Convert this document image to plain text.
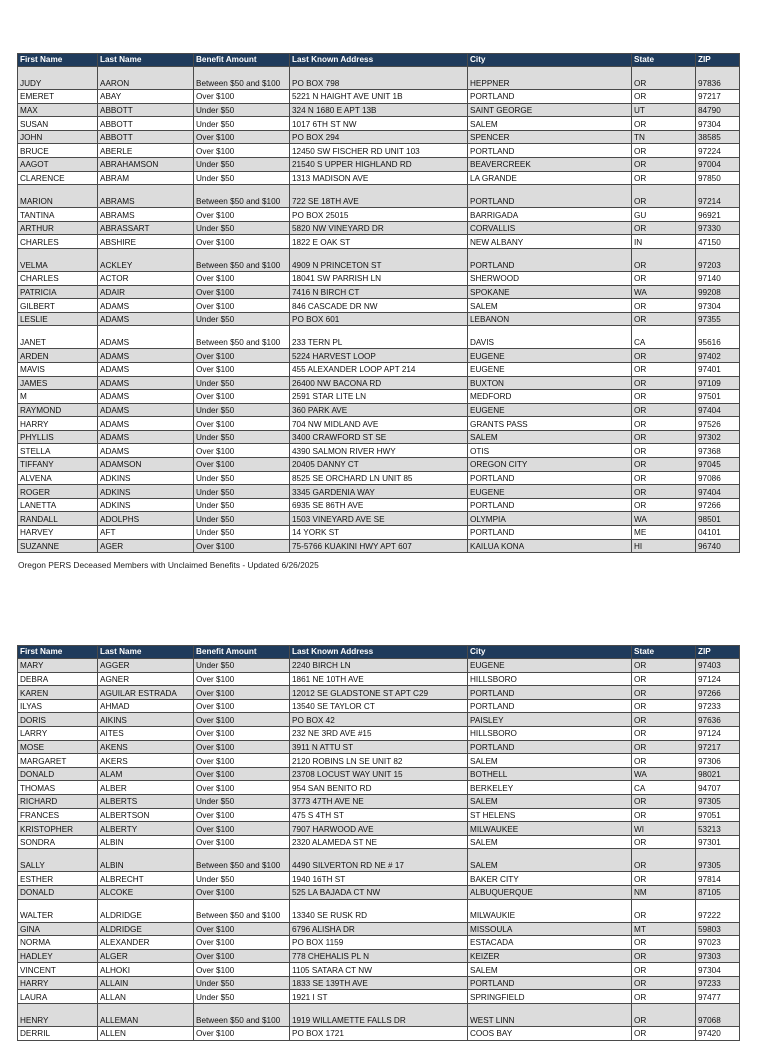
First Name	Last Name	Benefit Amount	Last Known Address	City	State	ZIP
JUDY	AARON	Between $50 and $100	PO BOX 798	HEPPNER	OR	97836
EMERET	ABAY	Over $100	5221 N HAIGHT AVE UNIT 1B	PORTLAND	OR	97217
MAX	ABBOTT	Under $50	324 N 1680 E APT 13B	SAINT GEORGE	UT	84790
SUSAN	ABBOTT	Under $50	1017 6TH ST NW	SALEM	OR	97304
JOHN	ABBOTT	Over $100	PO BOX 294	SPENCER	TN	38585
BRUCE	ABERLE	Over $100	12450 SW FISCHER RD UNIT 103	PORTLAND	OR	97224
AAGOT	ABRAHAMSON	Under $50	21540 S UPPER HIGHLAND RD	BEAVERCREEK	OR	97004
CLARENCE	ABRAM	Under $50	1313 MADISON AVE	LA GRANDE	OR	97850
MARION	ABRAMS	Between $50 and $100	722 SE 18TH AVE	PORTLAND	OR	97214
TANTINA	ABRAMS	Over $100	PO BOX 25015	BARRIGADA	GU	96921
ARTHUR	ABRASSART	Under $50	5820 NW VINEYARD DR	CORVALLIS	OR	97330
CHARLES	ABSHIRE	Over $100	1822 E OAK ST	NEW ALBANY	IN	47150
VELMA	ACKLEY	Between $50 and $100	4909 N PRINCETON ST	PORTLAND	OR	97203
CHARLES	ACTOR	Over $100	18041 SW PARRISH LN	SHERWOOD	OR	97140
PATRICIA	ADAIR	Over $100	7416 N BIRCH CT	SPOKANE	WA	99208
GILBERT	ADAMS	Over $100	846 CASCADE DR NW	SALEM	OR	97304
LESLIE	ADAMS	Under $50	PO BOX 601	LEBANON	OR	97355
JANET	ADAMS	Between $50 and $100	233 TERN PL	DAVIS	CA	95616
ARDEN	ADAMS	Over $100	5224 HARVEST LOOP	EUGENE	OR	97402
MAVIS	ADAMS	Over $100	455 ALEXANDER LOOP APT 214	EUGENE	OR	97401
JAMES	ADAMS	Under $50	26400 NW BACONA RD	BUXTON	OR	97109
M	ADAMS	Over $100	2591 STAR LITE LN	MEDFORD	OR	97501
RAYMOND	ADAMS	Under $50	360 PARK AVE	EUGENE	OR	97404
HARRY	ADAMS	Over $100	704 NW MIDLAND AVE	GRANTS PASS	OR	97526
PHYLLIS	ADAMS	Under $50	3400 CRAWFORD ST SE	SALEM	OR	97302
STELLA	ADAMS	Over $100	4390 SALMON RIVER HWY	OTIS	OR	97368
TIFFANY	ADAMSON	Over $100	20405 DANNY CT	OREGON CITY	OR	97045
ALVENA	ADKINS	Under $50	8525 SE ORCHARD LN UNIT 85	PORTLAND	OR	97086
ROGER	ADKINS	Under $50	3345 GARDENIA WAY	EUGENE	OR	97404
LANETTA	ADKINS	Under $50	6935 SE 86TH AVE	PORTLAND	OR	97266
RANDALL	ADOLPHS	Under $50	1503 VINEYARD AVE SE	OLYMPIA	WA	98501
HARVEY	AFT	Under $50	14 YORK ST	PORTLAND	ME	04101
SUZANNE	AGER	Over $100	75-5766 KUAKINI HWY APT 607	KAILUA KONA	HI	96740
Oregon PERS Deceased Members with Unclaimed Benefits - Updated 6/26/2025
First Name	Last Name	Benefit Amount	Last Known Address	City	State	ZIP
MARY	AGGER	Under $50	2240 BIRCH LN	EUGENE	OR	97403
DEBRA	AGNER	Over $100	1861 NE 10TH AVE	HILLSBORO	OR	97124
KAREN	AGUILAR ESTRADA	Over $100	12012 SE GLADSTONE ST APT C29	PORTLAND	OR	97266
ILYAS	AHMAD	Over $100	13540 SE TAYLOR CT	PORTLAND	OR	97233
DORIS	AIKINS	Over $100	PO BOX 42	PAISLEY	OR	97636
LARRY	AITES	Over $100	232 NE 3RD AVE #15	HILLSBORO	OR	97124
MOSE	AKENS	Over $100	3911 N ATTU ST	PORTLAND	OR	97217
MARGARET	AKERS	Over $100	2120 ROBINS LN SE UNIT 82	SALEM	OR	97306
DONALD	ALAM	Over $100	23708 LOCUST WAY UNIT 15	BOTHELL	WA	98021
THOMAS	ALBER	Over $100	954 SAN BENITO RD	BERKELEY	CA	94707
RICHARD	ALBERTS	Under $50	3773 47TH AVE NE	SALEM	OR	97305
FRANCES	ALBERTSON	Over $100	475 S 4TH ST	ST HELENS	OR	97051
KRISTOPHER	ALBERTY	Over $100	7907 HARWOOD AVE	MILWAUKEE	WI	53213
SONDRA	ALBIN	Over $100	2320 ALAMEDA ST NE	SALEM	OR	97301
SALLY	ALBIN	Between $50 and $100	4490 SILVERTON RD NE # 17	SALEM	OR	97305
ESTHER	ALBRECHT	Under $50	1940 16TH ST	BAKER CITY	OR	97814
DONALD	ALCOKE	Over $100	525 LA BAJADA CT NW	ALBUQUERQUE	NM	87105
WALTER	ALDRIDGE	Between $50 and $100	13340 SE RUSK RD	MILWAUKIE	OR	97222
GINA	ALDRIDGE	Over $100	6796 ALISHA DR	MISSOULA	MT	59803
NORMA	ALEXANDER	Over $100	PO BOX 1159	ESTACADA	OR	97023
HADLEY	ALGER	Over $100	778 CHEHALIS PL N	KEIZER	OR	97303
VINCENT	ALHOKI	Over $100	1105 SATARA CT NW	SALEM	OR	97304
HARRY	ALLAIN	Under $50	1833 SE 139TH AVE	PORTLAND	OR	97233
LAURA	ALLAN	Under $50	1921 I ST	SPRINGFIELD	OR	97477
HENRY	ALLEMAN	Between $50 and $100	1919 WILLAMETTE FALLS DR	WEST LINN	OR	97068
DERRIL	ALLEN	Over $100	PO BOX 1721	COOS BAY	OR	97420
